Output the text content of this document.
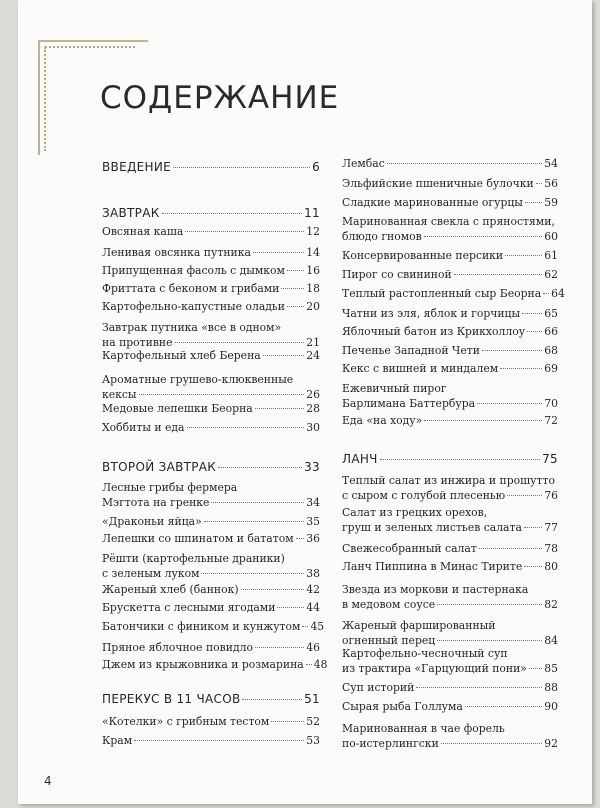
СОДЕРЖАНИЕ
ВВЕДЕНИЕ	6
ЗАВТРАК	11
Овсяная каша	12
Ленивая овсянка путника	14
Припущенная фасоль с дымком 16
Фриттата с беконом и грибами 18
Картофельно-капустные оладьи 20
Завтрак путника «все в одном»
на противне	21
Картофельный хлеб Берена	24
Ароматные грушево-клюквенные
кексы	26
Медовые лепешки Беорна	28
Хоббиты и еда	30
ВТОРОЙ ЗАВТРАК	33
Лесные грибы фермера
Мэгтота на гренке	34
«Драконьи яйца»	35
Лепешки со шпинатом и бататом 36
Рёшти (картофельные драники)
с зеленым луком	38
Жареный хлеб (баннок)	42
Брускетта с лесными ягодами	44
Батончики с фиником и кунжутом 45
Пряное яблочное повидло	46
Джем из крыжовника и розмарина 48
ПЕРЕКУС В 11 ЧАСОВ	51
«Котелки» с грибным тестом	52
Крам	53
Лембас	54
Эльфийские пшеничные булочки 56
Сладкие маринованные огурцы 59
Маринованная свекла с пряностями,
блюдо гномов	60
Консервированные персики	61
Пирог со свининой	62
Теплый растопленный сыр Беорна 64
Чатни из эля, яблок и горчицы 65
Яблочный батон из Крикхоллоу 66
Печенье Западной Чети	68
Кекс с вишней и миндалем	69
Ежевичный пирог
Барлимана Баттербура	70
Еда «на ходу»	72
ЛАНЧ	75
Теплый салат из инжира и прошутто
с сыром с голубой плесенью	76
Салат из грецких орехов,
груш и зеленых листьев салата 77
Свежесобранный салат	78
Ланч Пиппина в Минас Тирите 80
Звезда из моркови и пастернака
в медовом соусе	82
Жареный фаршированный
огненный перец	84
Картофельно-чесночный суп
из трактира «Гарцующий пони» 85
Суп историй	88
Сырая рыба Голлума	90
Маринованная в чае форель
по-истерлингски	92
4
